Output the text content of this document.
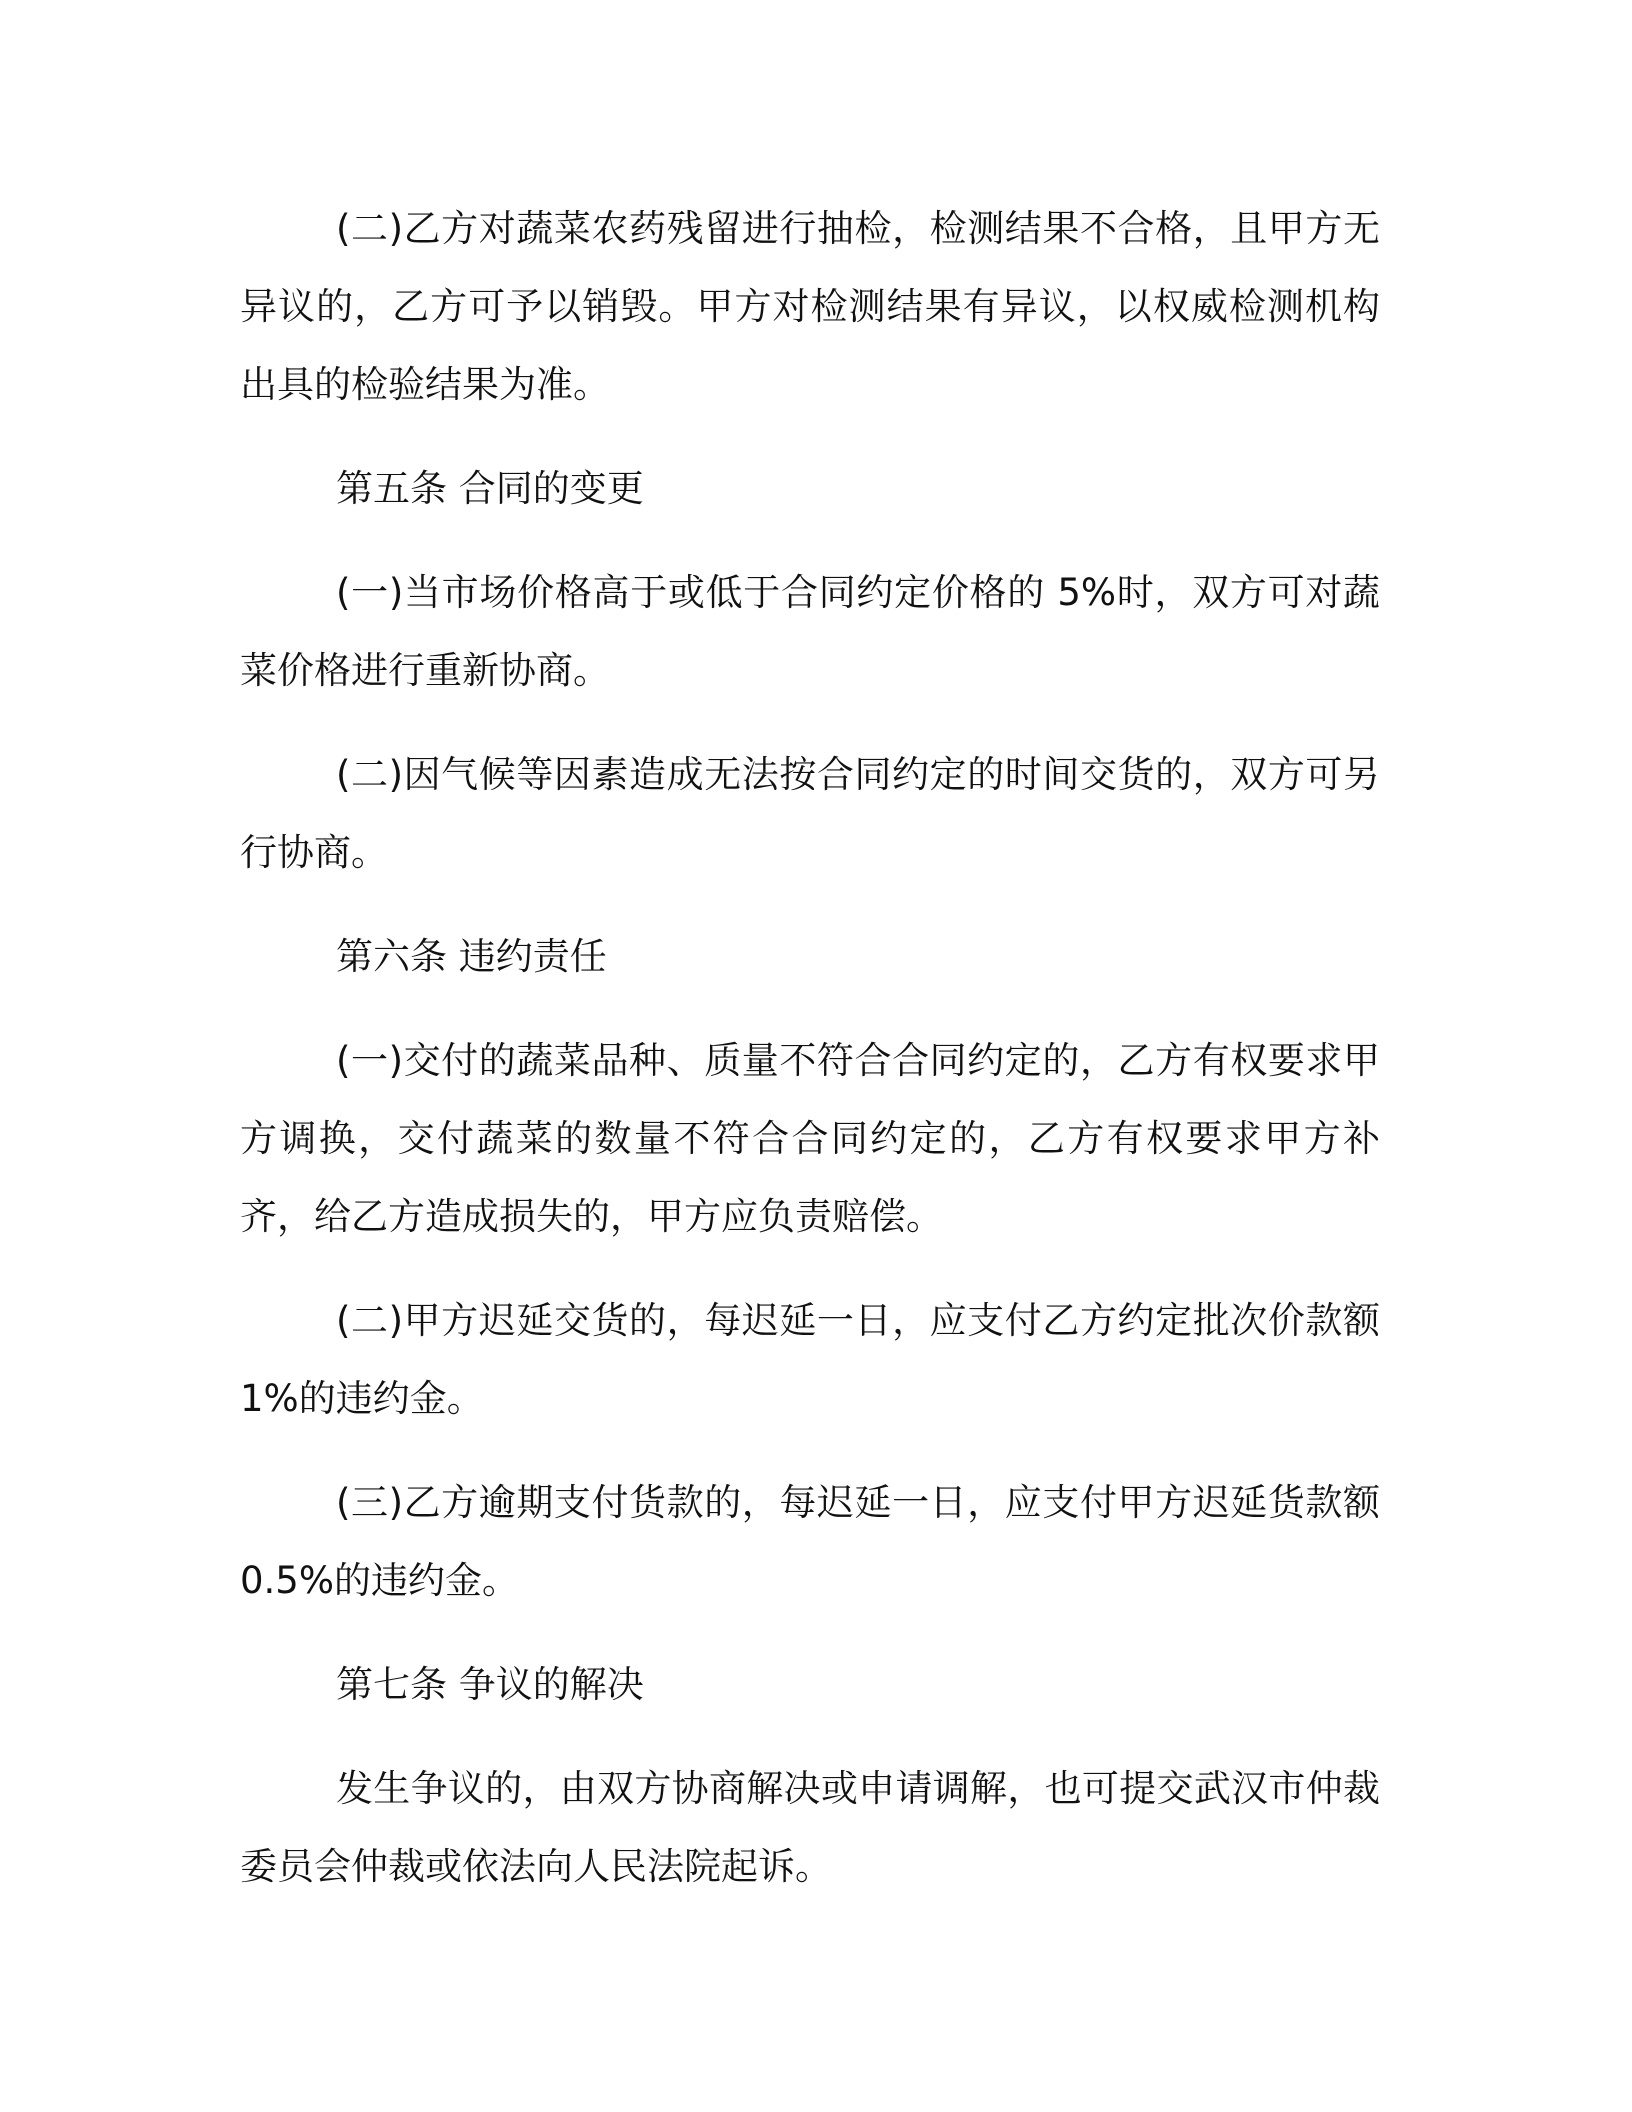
(二)乙方对蔬菜农药残留进行抽检，检测结果不合格，且甲方无异议的，乙方可予以销毁。甲方对检测结果有异议，以权威检测机构出具的检验结果为准。

第五条 合同的变更

(一)当市场价格高于或低于合同约定价格的 5%时，双方可对蔬菜价格进行重新协商。

(二)因气候等因素造成无法按合同约定的时间交货的，双方可另行协商。

第六条 违约责任

(一)交付的蔬菜品种、质量不符合合同约定的，乙方有权要求甲方调换，交付蔬菜的数量不符合合同约定的，乙方有权要求甲方补齐，给乙方造成损失的，甲方应负责赔偿。

(二)甲方迟延交货的，每迟延一日，应支付乙方约定批次价款额1%的违约金。

(三)乙方逾期支付货款的，每迟延一日，应支付甲方迟延货款额0.5%的违约金。

第七条 争议的解决

发生争议的，由双方协商解决或申请调解，也可提交武汉市仲裁委员会仲裁或依法向人民法院起诉。
